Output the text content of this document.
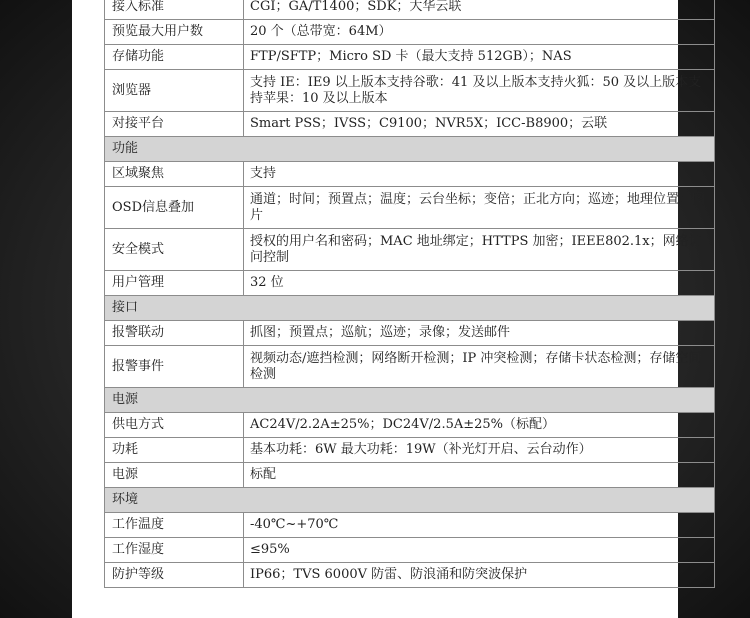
接入标准	CGI；GA/T1400；SDK；大华云联
预览最大用户数	20 个（总带宽：64M）
存储功能	FTP/SFTP；Micro SD 卡（最大支持 512GB）；NAS
浏览器	支持 IE：IE9 以上版本支持谷歌：41 及以上版本支持火狐：50 及以上版本支持苹果：10 及以上版本
对接平台	Smart PSS；IVSS；C9100；NVR5X；ICC-B8900；云联
功能	
区域聚焦	支持
OSD信息叠加	通道；时间；预置点；温度；云台坐标；变倍；正北方向；巡迹；地理位置；图片
安全模式	授权的用户名和密码；MAC 地址绑定；HTTPS 加密；IEEE802.1x；网络访问控制
用户管理	32 位
接口	
报警联动	抓图；预置点；巡航；巡迹；录像；发送邮件
报警事件	视频动态/遮挡检测；网络断开检测；IP 冲突检测；存储卡状态检测；存储空间检测
电源	
供电方式	AC24V/2.2A±25%；DC24V/2.5A±25%（标配）
功耗	基本功耗：6W 最大功耗：19W（补光灯开启、云台动作）
电源	标配
环境	
工作温度	-40℃~+70℃
工作湿度	≤95%
防护等级	IP66；TVS 6000V 防雷、防浪涌和防突波保护
